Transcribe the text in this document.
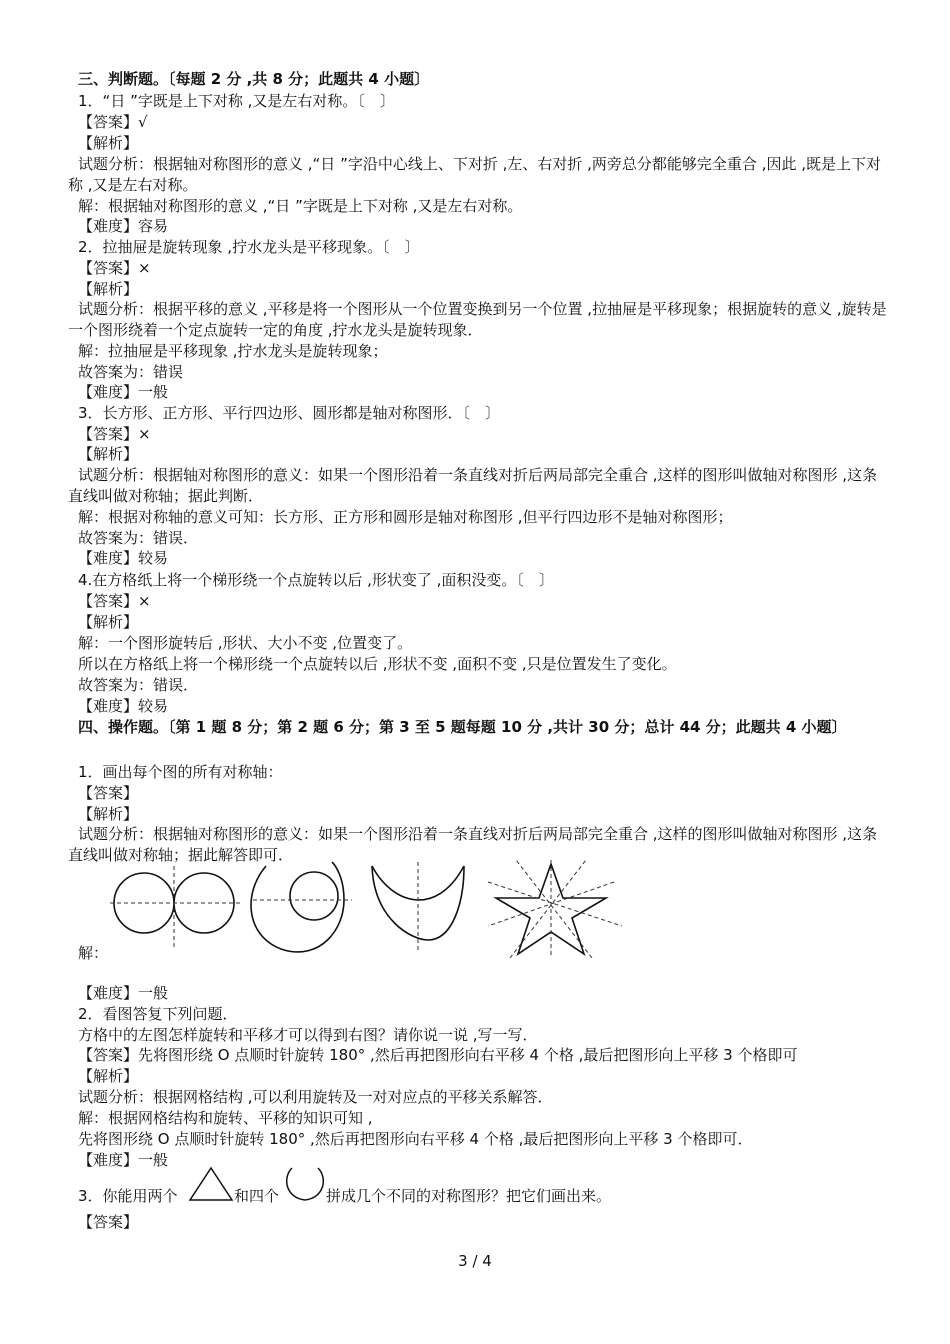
三、判断题。〔每题 2 分 ,共 8 分；此题共 4 小题〕
1．“日 ”字既是上下对称 ,又是左右对称。〔　〕
【答案】√
【解析】
试题分析：根据轴对称图形的意义 ,“日 ”字沿中心线上、下对折 ,左、右对折 ,两旁总分都能够完全重合 ,因此 ,既是上下对称 ,又是左右对称。
解：根据轴对称图形的意义 ,“日 ”字既是上下对称 ,又是左右对称。
【难度】容易
2．拉抽屉是旋转现象 ,拧水龙头是平移现象。〔　〕
【答案】×
【解析】
试题分析：根据平移的意义 ,平移是将一个图形从一个位置变换到另一个位置 ,拉抽屉是平移现象；根据旋转的意义 ,旋转是一个图形绕着一个定点旋转一定的角度 ,拧水龙头是旋转现象．
解：拉抽屉是平移现象 ,拧水龙头是旋转现象；
故答案为：错误
【难度】一般
3．长方形、正方形、平行四边形、圆形都是轴对称图形．〔　〕
【答案】×
【解析】
试题分析：根据轴对称图形的意义：如果一个图形沿着一条直线对折后两局部完全重合 ,这样的图形叫做轴对称图形 ,这条直线叫做对称轴；据此判断．
解：根据对称轴的意义可知：长方形、正方形和圆形是轴对称图形 ,但平行四边形不是轴对称图形；
故答案为：错误．
【难度】较易
4.在方格纸上将一个梯形绕一个点旋转以后 ,形状变了 ,面积没变。〔　〕
【答案】×
【解析】
解：一个图形旋转后 ,形状、大小不变 ,位置变了。
所以在方格纸上将一个梯形绕一个点旋转以后 ,形状不变 ,面积不变 ,只是位置发生了变化。
故答案为：错误．
【难度】较易
四、操作题。〔第 1 题 8 分；第 2 题 6 分；第 3 至 5 题每题 10 分 ,共计 30 分；总计 44 分；此题共 4 小题〕
1．画出每个图的所有对称轴：
【答案】
【解析】
试题分析：根据轴对称图形的意义：如果一个图形沿着一条直线对折后两局部完全重合 ,这样的图形叫做轴对称图形 ,这条直线叫做对称轴；据此解答即可．
解：
【难度】一般
2．看图答复下列问题．
方格中的左图怎样旋转和平移才可以得到右图？请你说一说 ,写一写．
【答案】先将图形绕 O 点顺时针旋转 180° ,然后再把图形向右平移 4 个格 ,最后把图形向上平移 3 个格即可
【解析】
试题分析：根据网格结构 ,可以利用旋转及一对对应点的平移关系解答．
解：根据网格结构和旋转、平移的知识可知 ,
先将图形绕 O 点顺时针旋转 180° ,然后再把图形向右平移 4 个格 ,最后把图形向上平移 3 个格即可．
【难度】一般
3．你能用两个	和四个	拼成几个不同的对称图形？把它们画出来。
【答案】
3 / 4
